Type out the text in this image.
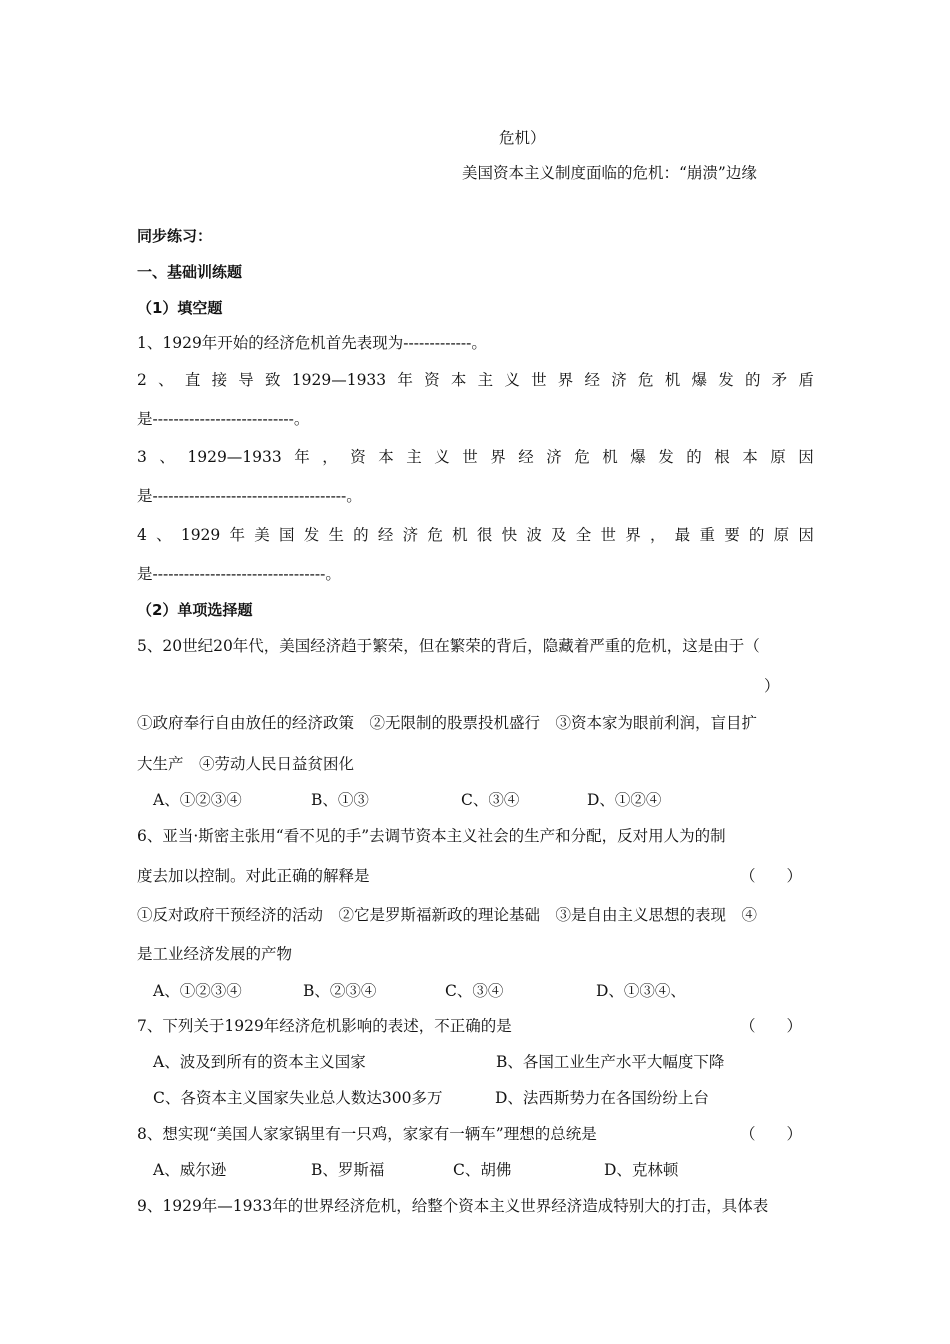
危机）
美国资本主义制度面临的危机：“崩溃”边缘
同步练习：
一、基础训练题
（1）填空题
1、1929年开始的经济危机首先表现为-------------。
2 、 直 接 导 致 1929—1933 年 资 本 主 义 世 界 经 济 危 机 爆 发 的 矛 盾
是---------------------------。
3 、 1929—1933 年 ， 资 本 主 义 世 界 经 济 危 机 爆 发 的 根 本 原 因
是-------------------------------------。
4 、 1929 年 美 国 发 生 的 经 济 危 机 很 快 波 及 全 世 界 ， 最 重 要 的 原 因
是---------------------------------。
（2）单项选择题
5、20世纪20年代，美国经济趋于繁荣，但在繁荣的背后，隐藏着严重的危机，这是由于（
）
①政府奉行自由放任的经济政策　②无限制的股票投机盛行　③资本家为眼前利润，盲目扩
大生产　④劳动人民日益贫困化
A、①②③④	B、①③	C、③④	D、①②④
6、亚当·斯密主张用“看不见的手”去调节资本主义社会的生产和分配，反对用人为的制
度去加以控制。对此正确的解释是	（　　）
①反对政府干预经济的活动　②它是罗斯福新政的理论基础　③是自由主义思想的表现　④
是工业经济发展的产物
A、①②③④	B、②③④	C、③④	D、①③④、
7、下列关于1929年经济危机影响的表述，不正确的是	（　　）
A、波及到所有的资本主义国家	B、各国工业生产水平大幅度下降
C、各资本主义国家失业总人数达300多万	D、法西斯势力在各国纷纷上台
8、想实现“美国人家家锅里有一只鸡，家家有一辆车”理想的总统是	（　　）
A、威尔逊	B、罗斯福	C、胡佛	D、克林顿
9、1929年—1933年的世界经济危机，给整个资本主义世界经济造成特别大的打击，具体表
